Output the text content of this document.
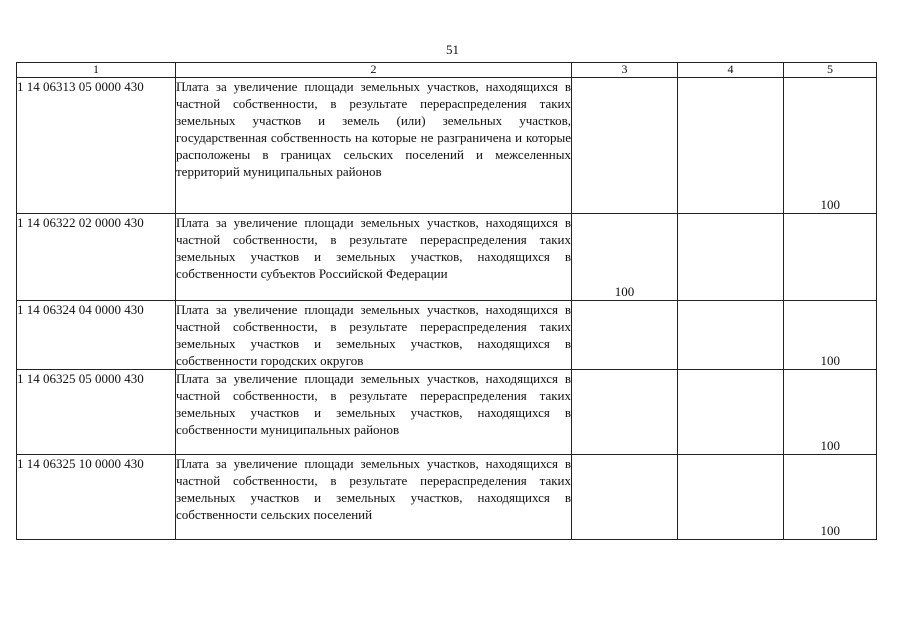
51
1	2	3	4	5
1 14 06313 05 0000 430	Плата за увеличение площади земельных участков, находящихся в частной собственности, в результате перераспределения таких земельных участков и земель (или) земельных участков, государственная собственность на которые не разграничена и которые расположены в границах сельских поселений и межселенных территорий муниципальных районов			100

1 14 06322 02 0000 430	Плата за увеличение площади земельных участков, находящихся в частной собственности, в результате перераспределения таких земельных участков и земельных участков, находящихся в собственности субъектов Российской Федерации	100		

1 14 06324 04 0000 430	Плата за увеличение площади земельных участков, находящихся в частной собственности, в результате перераспределения таких земельных участков и земельных участков, находящихся в собственности городских округов			100

1 14 06325 05 0000 430	Плата за увеличение площади земельных участков, находящихся в частной собственности, в результате перераспределения таких земельных участков и земельных участков, находящихся в собственности муниципальных районов			100

1 14 06325 10 0000 430	Плата за увеличение площади земельных участков, находящихся в частной собственности, в результате перераспределения таких земельных участков и земельных участков, находящихся в собственности сельских поселений			100
